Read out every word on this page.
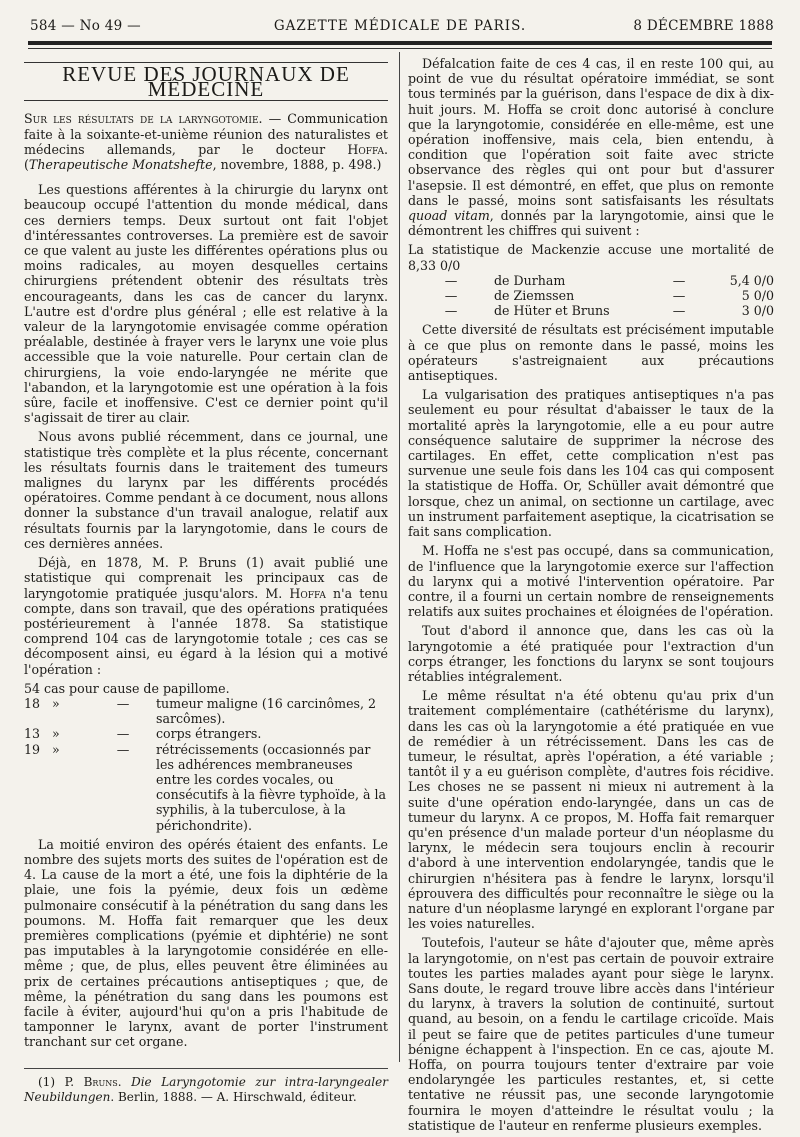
584 — No 49 —	GAZETTE MÉDICALE DE PARIS.	8 DÉCEMBRE 1888
REVUE DES JOURNAUX DE MÉDECINE

Sur les résultats de la laryngotomie. — Communication faite à la soixante-et-unième réunion des naturalistes et médecins allemands, par le docteur Hoffa. (Therapeutische Monatshefte, novembre, 1888, p. 498.)

Les questions afférentes à la chirurgie du larynx ont beaucoup occupé l'attention du monde médical, dans ces derniers temps. Deux surtout ont fait l'objet d'intéressantes controverses. La première est de savoir ce que valent au juste les différentes opérations plus ou moins radicales, au moyen desquelles certains chirurgiens prétendent obtenir des résultats très encourageants, dans les cas de cancer du larynx. L'autre est d'ordre plus général ; elle est relative à la valeur de la laryngotomie envisagée comme opération préalable, destinée à frayer vers le larynx une voie plus accessible que la voie naturelle. Pour certain clan de chirurgiens, la voie endo-laryngée ne mérite que l'abandon, et la laryngotomie est une opération à la fois sûre, facile et inoffensive. C'est ce dernier point qu'il s'agissait de tirer au clair.

Nous avons publié récemment, dans ce journal, une statistique très complète et la plus récente, concernant les résultats fournis dans le traitement des tumeurs malignes du larynx par les différents procédés opératoires. Comme pendant à ce document, nous allons donner la substance d'un travail analogue, relatif aux résultats fournis par la laryngotomie, dans le cours de ces dernières années.

Déjà, en 1878, M. P. Bruns (1) avait publié une statistique qui comprenait les principaux cas de laryngotomie pratiquée jusqu'alors. M. Hoffa n'a tenu compte, dans son travail, que des opérations pratiquées postérieurement à l'année 1878. Sa statistique comprend 104 cas de laryngotomie totale ; ces cas se décomposent ainsi, eu égard à la lésion qui a motivé l'opération :

54 cas pour cause de papillome.
18 »	—	tumeur maligne (16 carcinômes, 2 sarcômes).
13 »	—	corps étrangers.
19 »	—	rétrécissements (occasionnés par les adhérences membraneuses entre les cordes vocales, ou consécutifs à la fièvre typhoïde, à la syphilis, à la tuberculose, à la périchondrite).

La moitié environ des opérés étaient des enfants. Le nombre des sujets morts des suites de l'opération est de 4. La cause de la mort a été, une fois la diphtérie de la plaie, une fois la pyémie, deux fois un œdème pulmonaire consécutif à la pénétration du sang dans les poumons. M. Hoffa fait remarquer que les deux premières complications (pyémie et diphtérie) ne sont pas imputables à la laryngotomie considérée en elle-même ; que, de plus, elles peuvent être éliminées au prix de certaines précautions antiseptiques ; que, de même, la pénétration du sang dans les poumons est facile à éviter, aujourd'hui qu'on a pris l'habitude de tamponner le larynx, avant de porter l'instrument tranchant sur cet organe.

(1) P. Bruns. Die Laryngotomie zur intra-laryngealer Neubildungen. Berlin, 1888. — A. Hirschwald, éditeur.

Défalcation faite de ces 4 cas, il en reste 100 qui, au point de vue du résultat opératoire immédiat, se sont tous terminés par la guérison, dans l'espace de dix à dix-huit jours. M. Hoffa se croit donc autorisé à conclure que la laryngotomie, considérée en elle-même, est une opération inoffensive, mais cela, bien entendu, à condition que l'opération soit faite avec stricte observance des règles qui ont pour but d'assurer l'asepsie. Il est démontré, en effet, que plus on remonte dans le passé, moins sont satisfaisants les résultats quoad vitam, donnés par la laryngotomie, ainsi que le démontrent les chiffres qui suivent :

La statistique de Mackenzie accuse une mortalité de 8,33 0/0
—	de Durham	—	5,4 0/0
—	de Ziemssen	—	5 0/0
—	de Hüter et Bruns	—	3 0/0

Cette diversité de résultats est précisément imputable à ce que plus on remonte dans le passé, moins les opérateurs s'astreignaient aux précautions antiseptiques.

La vulgarisation des pratiques antiseptiques n'a pas seulement eu pour résultat d'abaisser le taux de la mortalité après la laryngotomie, elle a eu pour autre conséquence salutaire de supprimer la nécrose des cartilages. En effet, cette complication n'est pas survenue une seule fois dans les 104 cas qui composent la statistique de Hoffa. Or, Schüller avait démontré que lorsque, chez un animal, on sectionne un cartilage, avec un instrument parfaitement aseptique, la cicatrisation se fait sans complication.

M. Hoffa ne s'est pas occupé, dans sa communication, de l'influence que la laryngotomie exerce sur l'affection du larynx qui a motivé l'intervention opératoire. Par contre, il a fourni un certain nombre de renseignements relatifs aux suites prochaines et éloignées de l'opération.

Tout d'abord il annonce que, dans les cas où la laryngotomie a été pratiquée pour l'extraction d'un corps étranger, les fonctions du larynx se sont toujours rétablies intégralement.

Le même résultat n'a été obtenu qu'au prix d'un traitement complémentaire (cathétérisme du larynx), dans les cas où la laryngotomie a été pratiquée en vue de remédier à un rétrécissement. Dans les cas de tumeur, le résultat, après l'opération, a été variable ; tantôt il y a eu guérison complète, d'autres fois récidive. Les choses ne se passent ni mieux ni autrement à la suite d'une opération endo-laryngée, dans un cas de tumeur du larynx. A ce propos, M. Hoffa fait remarquer qu'en présence d'un malade porteur d'un néoplasme du larynx, le médecin sera toujours enclin à recourir d'abord à une intervention endolaryngée, tandis que le chirurgien n'hésitera pas à fendre le larynx, lorsqu'il éprouvera des difficultés pour reconnaître le siège ou la nature d'un néoplasme laryngé en explorant l'organe par les voies naturelles.

Toutefois, l'auteur se hâte d'ajouter que, même après la laryngotomie, on n'est pas certain de pouvoir extraire toutes les parties malades ayant pour siège le larynx. Sans doute, le regard trouve libre accès dans l'intérieur du larynx, à travers la solution de continuité, surtout quand, au besoin, on a fendu le cartilage cricoïde. Mais il peut se faire que de petites particules d'une tumeur bénigne échappent à l'inspection. En ce cas, ajoute M. Hoffa, on pourra toujours tenter d'extraire par voie endolaryngée les particules restantes, et, si cette tentative ne réussit pas, une seconde laryngotomie fournira le moyen d'atteindre le résultat voulu ; la statistique de l'auteur en renferme plusieurs exemples.
